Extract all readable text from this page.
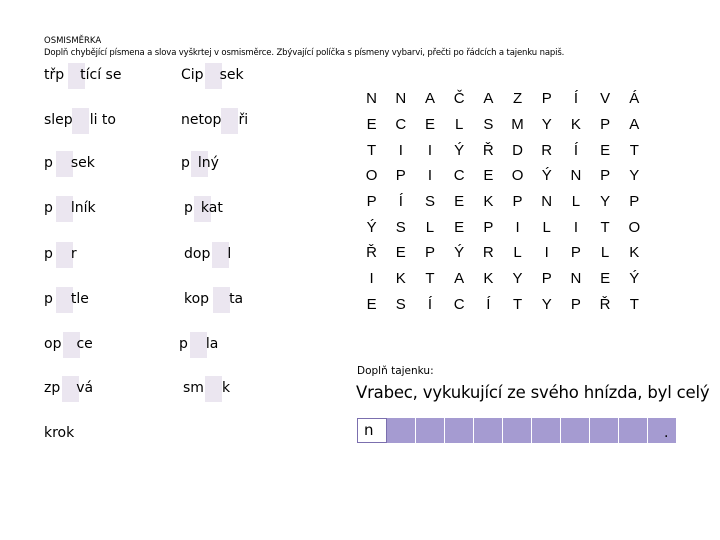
OSMISMĚRKA
Doplň chybějící písmena a slova vyškrtej v osmisměrce. Zbývající políčka s písmeny vybarvi, přečti po řádcích a tajenku napiš.
třp tící se	Cip sek
slep li to	netop ři
p sek	p lný
p lník	p kat
p r	dop l
p tle	kop ta
op ce	p la
zp vá	sm k
krok
N	N	A	Č	A	Z	P	Í	V	Á
E	C	E	L	S	M	Y	K	P	A
T	I	I	Ý	Ř	D	R	Í	E	T
O	P	I	C	E	O	Ý	N	P	Y
P	Í	S	E	K	P	N	L	Y	P
Ý	S	L	E	P	I	L	I	T	O
Ř	E	P	Ý	R	L	I	P	L	K
I	K	T	A	K	Y	P	N	E	Ý
E	S	Í	C	Í	T	Y	P	Ř	T
Doplň tajenku:
Vrabec, vykukující ze svého hnízda, byl celý
n	.
